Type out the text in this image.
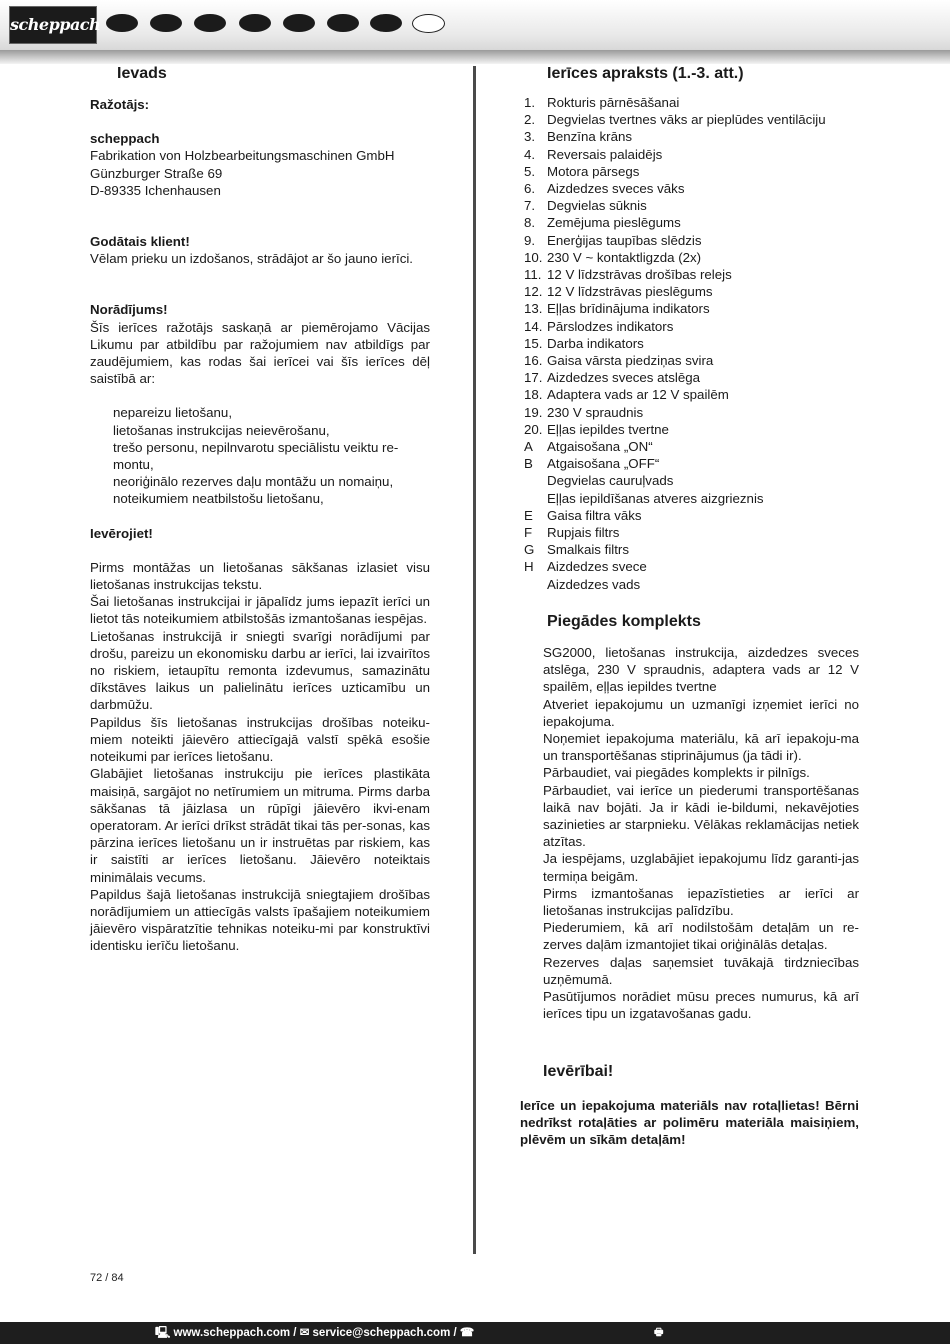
scheppach
Ievads
Ražotājs:
scheppach
Fabrikation von Holzbearbeitungsmaschinen GmbH
Günzburger Straße 69
D-89335 Ichenhausen
Godātais klient!
Vēlam prieku un izdošanos, strādājot ar šo jauno ierīci.
Norādījums!
Šīs ierīces ražotājs saskaņā ar piemērojamo Vācijas Likumu par atbildību par ražojumiem nav atbildīgs par zaudējumiem, kas rodas šai ierīcei vai šīs ierīces dēļ saistībā ar:
nepareizu lietošanu,
lietošanas instrukcijas neievērošanu,
trešo personu, nepilnvarotu speciālistu veiktu re-montu,
neoriģinālo rezerves daļu montāžu un nomaiņu,
noteikumiem neatbilstošu lietošanu,
Ievērojiet!
Pirms montāžas un lietošanas sākšanas izlasiet visu lietošanas instrukcijas tekstu.
Šai lietošanas instrukcijai ir jāpalīdz jums iepazīt ierīci un lietot tās noteikumiem atbilstošās izmantošanas iespējas.
Lietošanas instrukcijā ir sniegti svarīgi norādījumi par drošu, pareizu un ekonomisku darbu ar ierīci, lai izvairītos no riskiem, ietaupītu remonta izdevumus, samazinātu dīkstāves laikus un palielinātu ierīces uzticamību un darbmūžu.
Papildus šīs lietošanas instrukcijas drošības noteiku-miem noteikti jāievēro attiecīgajā valstī spēkā esošie noteikumi par ierīces lietošanu.
Glabājiet lietošanas instrukciju pie ierīces plastikāta maisiņā, sargājot no netīrumiem un mitruma. Pirms darba sākšanas tā jāizlasa un rūpīgi jāievēro ikvi-enam operatoram. Ar ierīci drīkst strādāt tikai tās per-sonas, kas pārzina ierīces lietošanu un ir instruētas par riskiem, kas ir saistīti ar ierīces lietošanu. Jāievēro noteiktais minimālais vecums.
Papildus šajā lietošanas instrukcijā sniegtajiem drošības norādījumiem un attiecīgās valsts īpašajiem noteikumiem jāievēro vispāratzītie tehnikas noteiku-mi par konstruktīvi identisku ierīču lietošanu.
Ierīces apraksts (1.-3. att.)
1. Rokturis pārnēsāšanai
2. Degvielas tvertnes vāks ar pieplūdes ventilāciju
3. Benzīna krāns
4. Reversais palaidējs
5. Motora pārsegs
6. Aizdedzes sveces vāks
7. Degvielas sūknis
8. Zemējuma pieslēgums
9. Enerģijas taupības slēdzis
10. 230 V ~ kontaktligzda (2x)
11. 12 V līdzstrāvas drošības relejs
12. 12 V līdzstrāvas pieslēgums
13. Eļļas brīdinājuma indikators
14. Pārslodzes indikators
15. Darba indikators
16. Gaisa vārsta piedziņas svira
17. Aizdedzes sveces atslēga
18. Adaptera vads ar 12 V spailēm
19. 230 V spraudnis
20. Eļļas iepildes tvertne
A Atgaisošana „ON“
B Atgaisošana „OFF“
Degvielas cauruļvads
Eļļas iepildīšanas atveres aizgrieznis
E Gaisa filtra vāks
F Rupjais filtrs
G Smalkais filtrs
H Aizdedzes svece
Aizdedzes vads
Piegādes komplekts
SG2000, lietošanas instrukcija, aizdedzes sveces atslēga, 230 V spraudnis, adaptera vads ar 12 V spailēm, eļļas iepildes tvertne
Atveriet iepakojumu un uzmanīgi izņemiet ierīci no iepakojuma.
Noņemiet iepakojuma materiālu, kā arī iepakoju-ma un transportēšanas stiprinājumus (ja tādi ir).
Pārbaudiet, vai piegādes komplekts ir pilnīgs.
Pārbaudiet, vai ierīce un piederumi transportēšanas laikā nav bojāti. Ja ir kādi ie-bildumi, nekavējoties sazinieties ar starpnieku. Vēlākas reklamācijas netiek atzītas.
Ja iespējams, uzglabājiet iepakojumu līdz garanti-jas termiņa beigām.
Pirms izmantošanas iepazīstieties ar ierīci ar lietošanas instrukcijas palīdzību.
Piederumiem, kā arī nodilstošām detaļām un re-zerves daļām izmantojiet tikai oriģinālās detaļas.
Rezerves daļas saņemsiet tuvākajā tirdzniecības uzņēmumā.
Pasūtījumos norādiet mūsu preces numurus, kā arī ierīces tipu un izgatavošanas gadu.
Ievērībai!
Ierīce un iepakojuma materiāls nav rotaļlietas! Bērni nedrīkst rotaļāties ar polimēru materiāla maisiņiem, plēvēm un sīkām detaļām!
72 / 84
🖳︎ www.scheppach.com / ✉︎ service@scheppach.com / ☎︎	🖶︎
